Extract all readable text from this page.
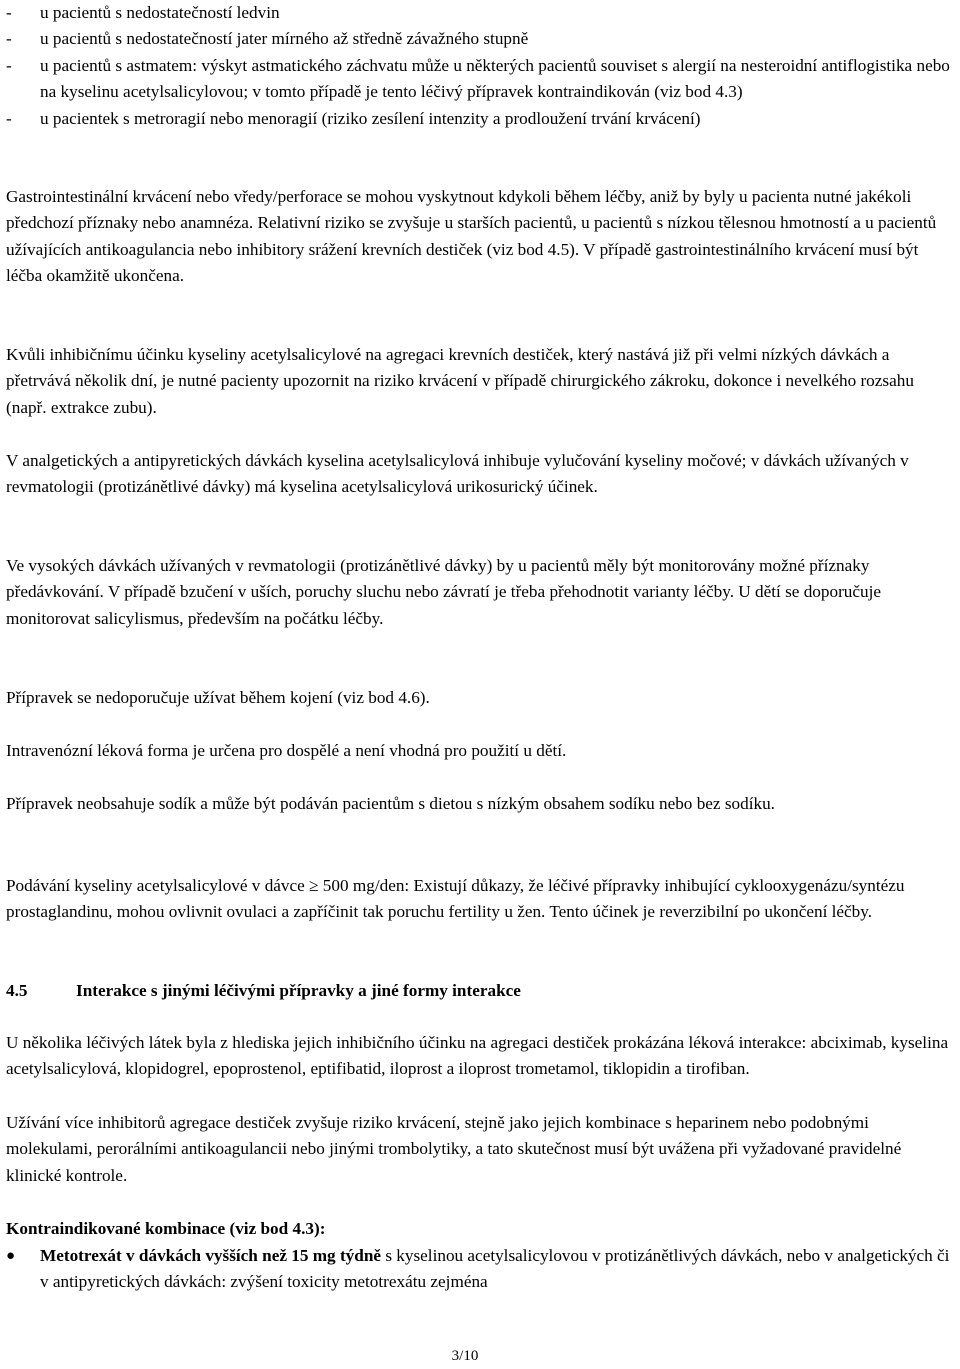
-	u pacientů s nedostatečností ledvin
-	u pacientů s nedostatečností jater mírného až středně závažného stupně
-	u pacientů s astmatem: výskyt astmatického záchvatu může u některých pacientů souviset s alergií na nesteroidní antiflogistika nebo na kyselinu acetylsalicylovou; v tomto případě je tento léčivý přípravek kontraindikován (viz bod 4.3)
-	u pacientek s metroragií nebo menoragií (riziko zesílení intenzity a prodloužení trvání krvácení)

Gastrointestinální krvácení nebo vředy/perforace se mohou vyskytnout kdykoli během léčby, aniž by byly u pacienta nutné jakékoli předchozí příznaky nebo anamnéza. Relativní riziko se zvyšuje u starších pacientů, u pacientů s nízkou tělesnou hmotností a u pacientů užívajících antikoagulancia nebo inhibitory srážení krevních destiček (viz bod 4.5). V případě gastrointestinálního krvácení musí být léčba okamžitě ukončena.

Kvůli inhibičnímu účinku kyseliny acetylsalicylové na agregaci krevních destiček, který nastává již při velmi nízkých dávkách a přetrvává několik dní, je nutné pacienty upozornit na riziko krvácení v případě chirurgického zákroku, dokonce i nevelkého rozsahu (např. extrakce zubu).

V analgetických a antipyretických dávkách kyselina acetylsalicylová inhibuje vylučování kyseliny močové; v dávkách užívaných v revmatologii (protizánětlivé dávky) má kyselina acetylsalicylová urikosurický účinek.

Ve vysokých dávkách užívaných v revmatologii (protizánětlivé dávky) by u pacientů měly být monitorovány možné příznaky předávkování. V případě bzučení v uších, poruchy sluchu nebo závratí je třeba přehodnotit varianty léčby. U dětí se doporučuje monitorovat salicylismus, především na počátku léčby.

Přípravek se nedoporučuje užívat během kojení (viz bod 4.6).

Intravenózní léková forma je určena pro dospělé a není vhodná pro použití u dětí.

Přípravek neobsahuje sodík a může být podáván pacientům s dietou s nízkým obsahem sodíku nebo bez sodíku.

Podávání kyseliny acetylsalicylové v dávce ≥ 500 mg/den: Existují důkazy, že léčivé přípravky inhibující cyklooxygenázu/syntézu prostaglandinu, mohou ovlivnit ovulaci a zapříčinit tak poruchu fertility u žen. Tento účinek je reverzibilní po ukončení léčby.

4.5	Interakce s jinými léčivými přípravky a jiné formy interakce

U několika léčivých látek byla z hlediska jejich inhibičního účinku na agregaci destiček prokázána léková interakce: abciximab, kyselina acetylsalicylová, klopidogrel, epoprostenol, eptifibatid, iloprost a iloprost trometamol, tiklopidin a tirofiban.

Užívání více inhibitorů agregace destiček zvyšuje riziko krvácení, stejně jako jejich kombinace s heparinem nebo podobnými molekulami, perorálními antikoagulancii nebo jinými trombolytiky, a tato skutečnost musí být uvážena při vyžadované pravidelné klinické kontrole.

Kontraindikované kombinace (viz bod 4.3):
●	Metotrexát v dávkách vyšších než 15 mg týdně s kyselinou acetylsalicylovou v protizánětlivých dávkách, nebo v analgetických či v antipyretických dávkách: zvýšení toxicity metotrexátu zejména
3/10
